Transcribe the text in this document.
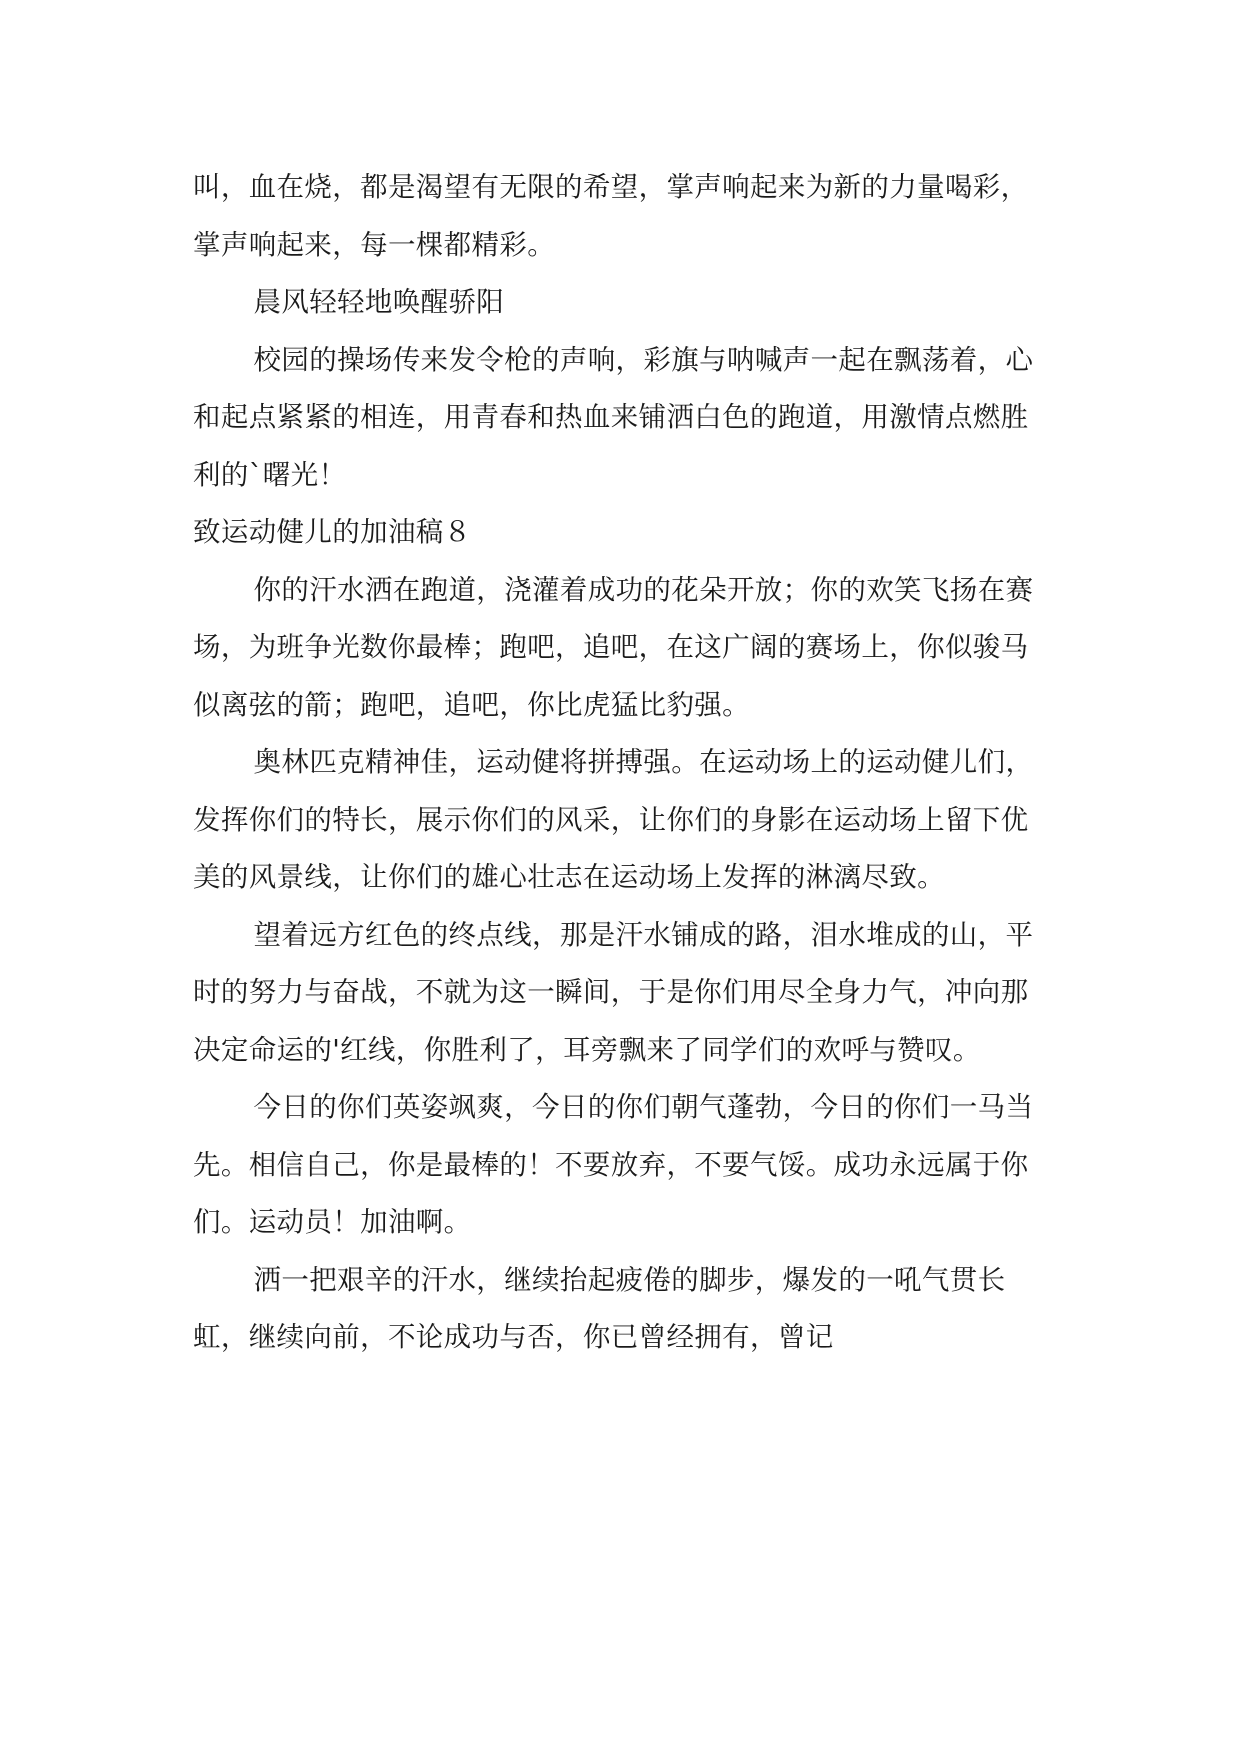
叫，血在烧，都是渴望有无限的希望，掌声响起来为新的力量喝彩，掌声响起来，每一棵都精彩。

晨风轻轻地唤醒骄阳

校园的操场传来发令枪的声响，彩旗与呐喊声一起在飘荡着，心和起点紧紧的相连，用青春和热血来铺洒白色的跑道，用激情点燃胜利的`曙光！

致运动健儿的加油稿８

你的汗水洒在跑道，浇灌着成功的花朵开放；你的欢笑飞扬在赛场，为班争光数你最棒；跑吧，追吧，在这广阔的赛场上，你似骏马似离弦的箭；跑吧，追吧，你比虎猛比豹强。

奥林匹克精神佳，运动健将拼搏强。在运动场上的运动健儿们，发挥你们的特长，展示你们的风采，让你们的身影在运动场上留下优美的风景线，让你们的雄心壮志在运动场上发挥的淋漓尽致。

望着远方红色的终点线，那是汗水铺成的路，泪水堆成的山，平时的努力与奋战，不就为这一瞬间，于是你们用尽全身力气，冲向那决定命运的'红线，你胜利了，耳旁飘来了同学们的欢呼与赞叹。

今日的你们英姿飒爽，今日的你们朝气蓬勃，今日的你们一马当先。相信自己，你是最棒的！不要放弃，不要气馁。成功永远属于你们。运动员！加油啊。

洒一把艰辛的汗水，继续抬起疲倦的脚步，爆发的一吼气贯长虹，继续向前，不论成功与否，你已曾经拥有，曾记
